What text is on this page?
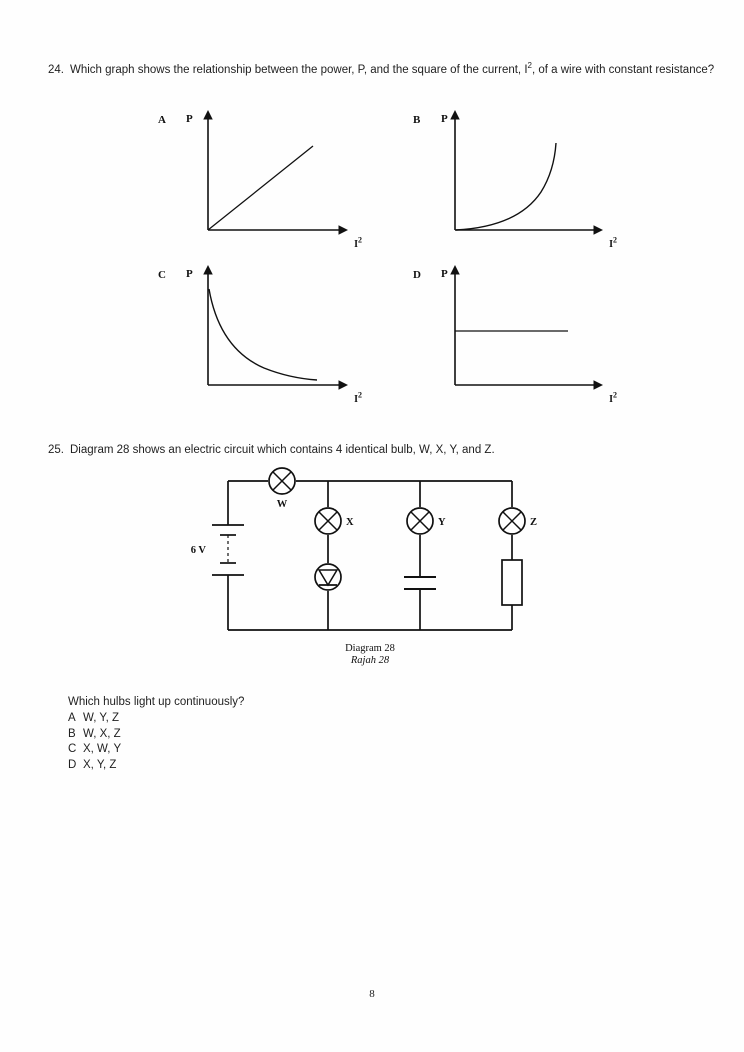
24. Which graph shows the relationship between the power, P, and the square of the current, $I^2$, of a wire with constant resistance?
A P
$I^2$
B P
$I^2$
C P
$I^2$
D P
$I^2$
25. Diagram 28 shows an electric circuit which contains 4 identical bulb, W, X, Y, and Z.
6 V
W
X	Y	Z
Diagram 28
Rajah 28
Which hulbs light up continuously?
A W, Y, Z
B W, X, Z
C X, W, Y
D X, Y, Z
8
